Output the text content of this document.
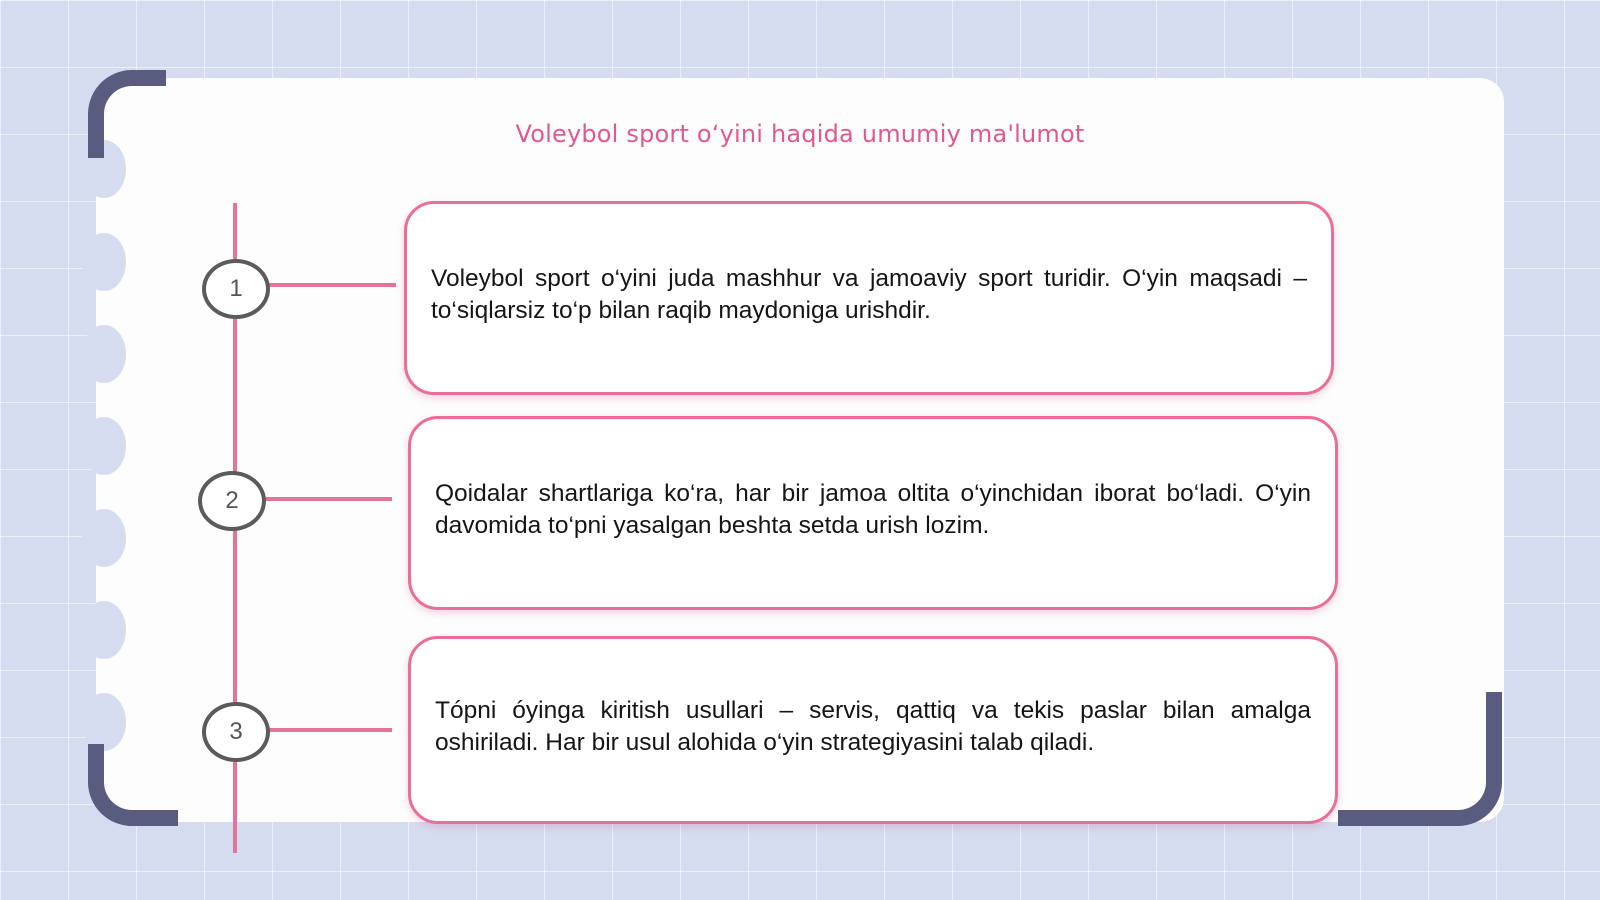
Voleybol sport o‘yini haqida umumiy ma'lumot
1	Voleybol sport o‘yini juda mashhur va jamoaviy sport turidir. O‘yin maqsadi – to‘siqlarsiz to‘p bilan raqib maydoniga urishdir.

2	Qoidalar shartlariga ko‘ra, har bir jamoa oltita o‘yinchidan iborat bo‘ladi. O‘yin davomida to‘pni yasalgan beshta setda urish lozim.

3

Tópni óyinga kiritish usullari – servis, qattiq va tekis paslar bilan amalga oshiriladi. Har bir usul alohida o‘yin strategiyasini talab qiladi.
